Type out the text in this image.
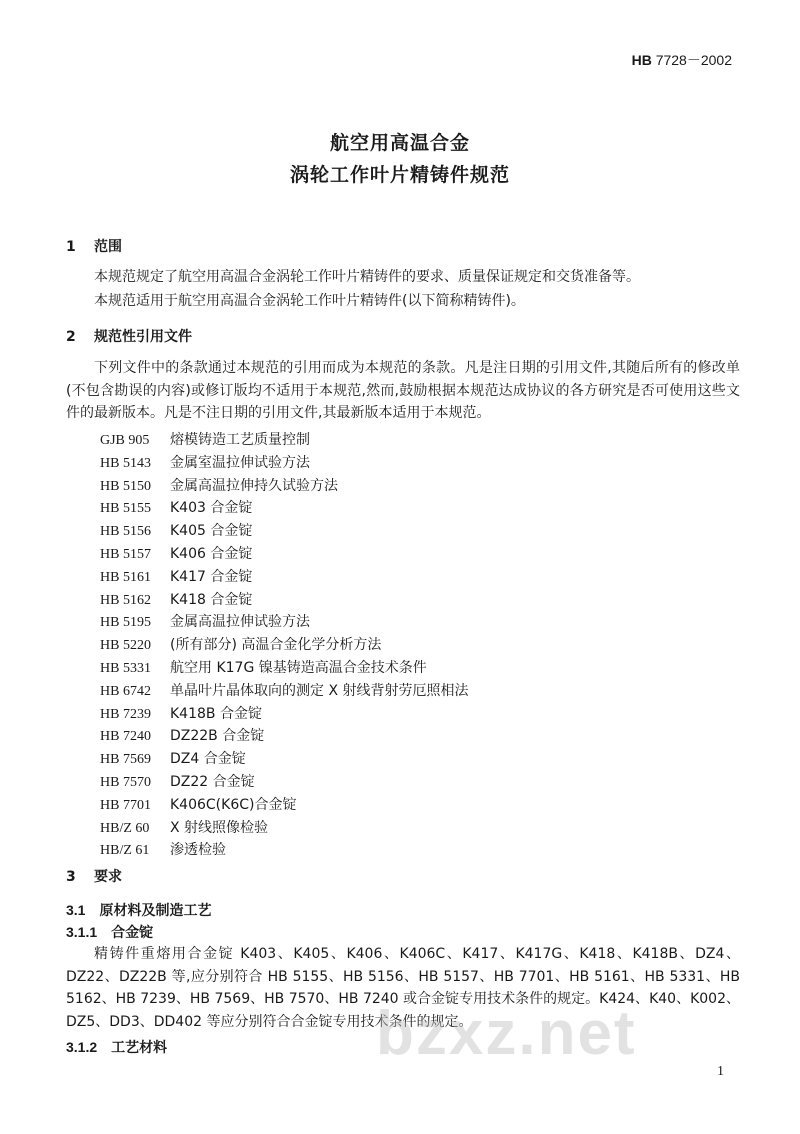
HB 7728－2002
航空用高温合金
涡轮工作叶片精铸件规范
1 范围
本规范规定了航空用高温合金涡轮工作叶片精铸件的要求、质量保证规定和交货准备等。
本规范适用于航空用高温合金涡轮工作叶片精铸件(以下简称精铸件)。
2 规范性引用文件
下列文件中的条款通过本规范的引用而成为本规范的条款。凡是注日期的引用文件,其随后所有的修改单(不包含勘误的内容)或修订版均不适用于本规范,然而,鼓励根据本规范达成协议的各方研究是否可使用这些文件的最新版本。凡是不注日期的引用文件,其最新版本适用于本规范。
GJB 905 熔模铸造工艺质量控制
HB 5143 金属室温拉伸试验方法
HB 5150 金属高温拉伸持久试验方法
HB 5155 K403 合金锭
HB 5156 K405 合金锭
HB 5157 K406 合金锭
HB 5161 K417 合金锭
HB 5162 K418 合金锭
HB 5195 金属高温拉伸试验方法
HB 5220 (所有部分) 高温合金化学分析方法
HB 5331 航空用 K17G 镍基铸造高温合金技术条件
HB 6742 单晶叶片晶体取向的测定 X 射线背射劳厄照相法
HB 7239 K418B 合金锭
HB 7240 DZ22B 合金锭
HB 7569 DZ4 合金锭
HB 7570 DZ22 合金锭
HB 7701 K406C(K6C)合金锭
HB/Z 60 X 射线照像检验
HB/Z 61 渗透检验
3 要求
3.1 原材料及制造工艺
3.1.1 合金锭
精铸件重熔用合金锭 K403、K405、K406、K406C、K417、K417G、K418、K418B、DZ4、DZ22、DZ22B 等,应分别符合 HB 5155、HB 5156、HB 5157、HB 7701、HB 5161、HB 5331、HB 5162、HB 7239、HB 7569、HB 7570、HB 7240 或合金锭专用技术条件的规定。K424、K40、K002、DZ5、DD3、DD402 等应分别符合合金锭专用技术条件的规定。
3.1.2 工艺材料	bzxz.net
1
